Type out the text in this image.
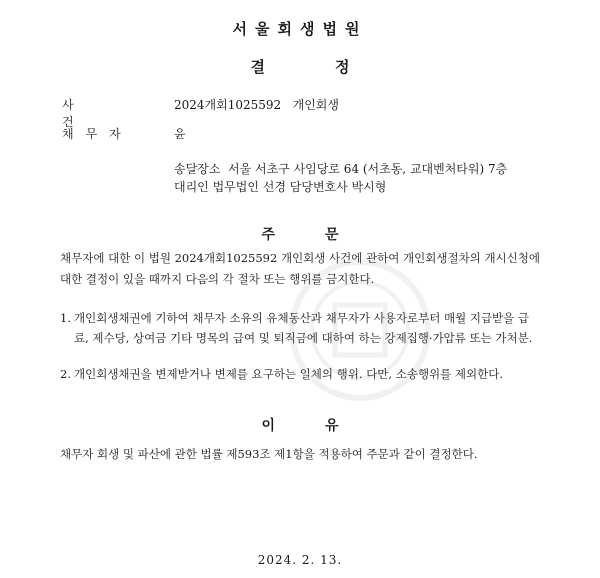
서울회생법원
결정
사건
2024개회1025592   개인회생
채무자	윤
송달장소  서울 서초구 사임당로 64 (서초동, 교대벤처타워) 7층
대리인 법무법인 선경 담당변호사 박시형
주문
채무자에 대한 이 법원 2024개회1025592 개인회생 사건에 관하여 개인회생절차의 개시신청에 대한 결정이 있을 때까지 다음의 각 절차 또는 행위를 금지한다.
1. 개인회생채권에 기하여 채무자 소유의 유체동산과 채무자가 사용자로부터 매월 지급받을 급료, 제수당, 상여금 기타 명목의 급여 및 퇴직금에 대하여 하는 강제집행·가압류 또는 가처분.
2. 개인회생채권을 변제받거나 변제를 요구하는 일체의 행위. 다만, 소송행위를 제외한다.
이유
채무자 회생 및 파산에 관한 법률 제593조 제1항을 적용하여 주문과 같이 결정한다.
2024. 2. 13.
